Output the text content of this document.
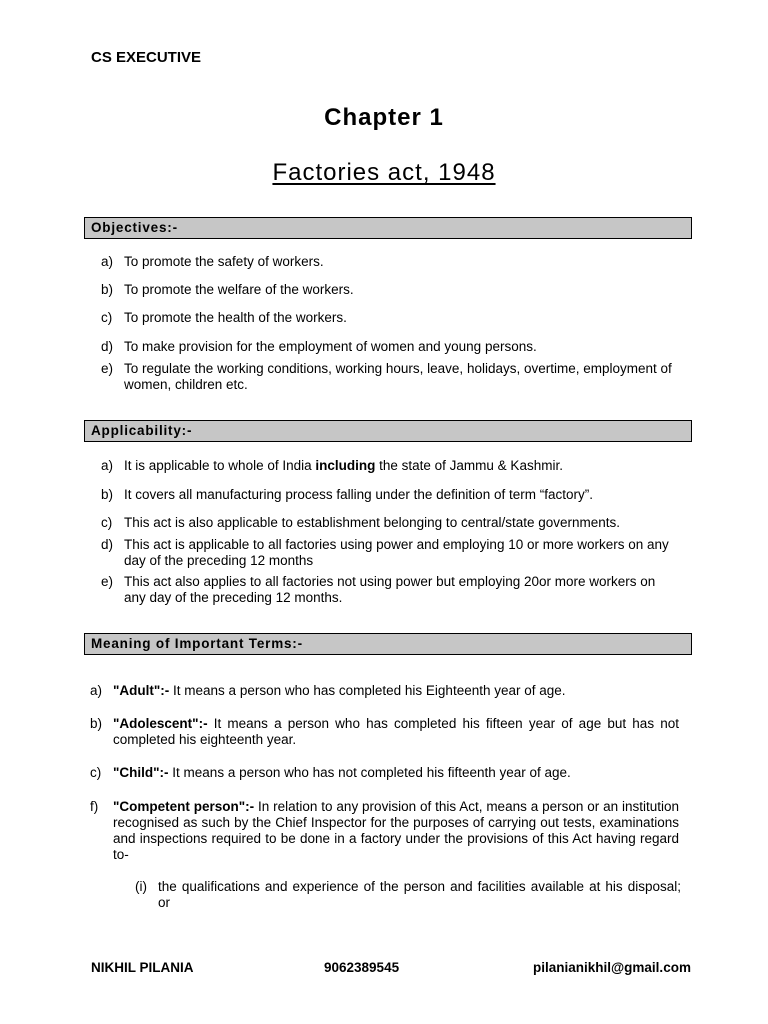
CS EXECUTIVE
Chapter 1
Factories act, 1948
Objectives:-
a) To promote the safety of workers.
b) To promote the welfare of the workers.
c) To promote the health of the workers.
d) To make provision for the employment of women and young persons.
e) To regulate the working conditions, working hours, leave, holidays, overtime, employment of women, children etc.
Applicability:-
a) It is applicable to whole of India including the state of Jammu & Kashmir.
b) It covers all manufacturing process falling under the definition of term “factory”.
c) This act is also applicable to establishment belonging to central/state governments.
d) This act is applicable to all factories using power and employing 10 or more workers on any day of the preceding 12 months
e) This act also applies to all factories not using power but employing 20or more workers on any day of the preceding 12 months.
Meaning of Important Terms:-
a) "Adult":- It means a person who has completed his Eighteenth year of age.
b) "Adolescent":- It means a person who has completed his fifteen year of age but has not completed his eighteenth year.
c) "Child":- It means a person who has not completed his fifteenth year of age.
f) "Competent person":- In relation to any provision of this Act, means a person or an institution recognised as such by the Chief Inspector for the purposes of carrying out tests, examinations and inspections required to be done in a factory under the provisions of this Act having regard to-
(i) the qualifications and experience of the person and facilities available at his disposal; or
NIKHIL PILANIA	9062389545	pilanianikhil@gmail.com
